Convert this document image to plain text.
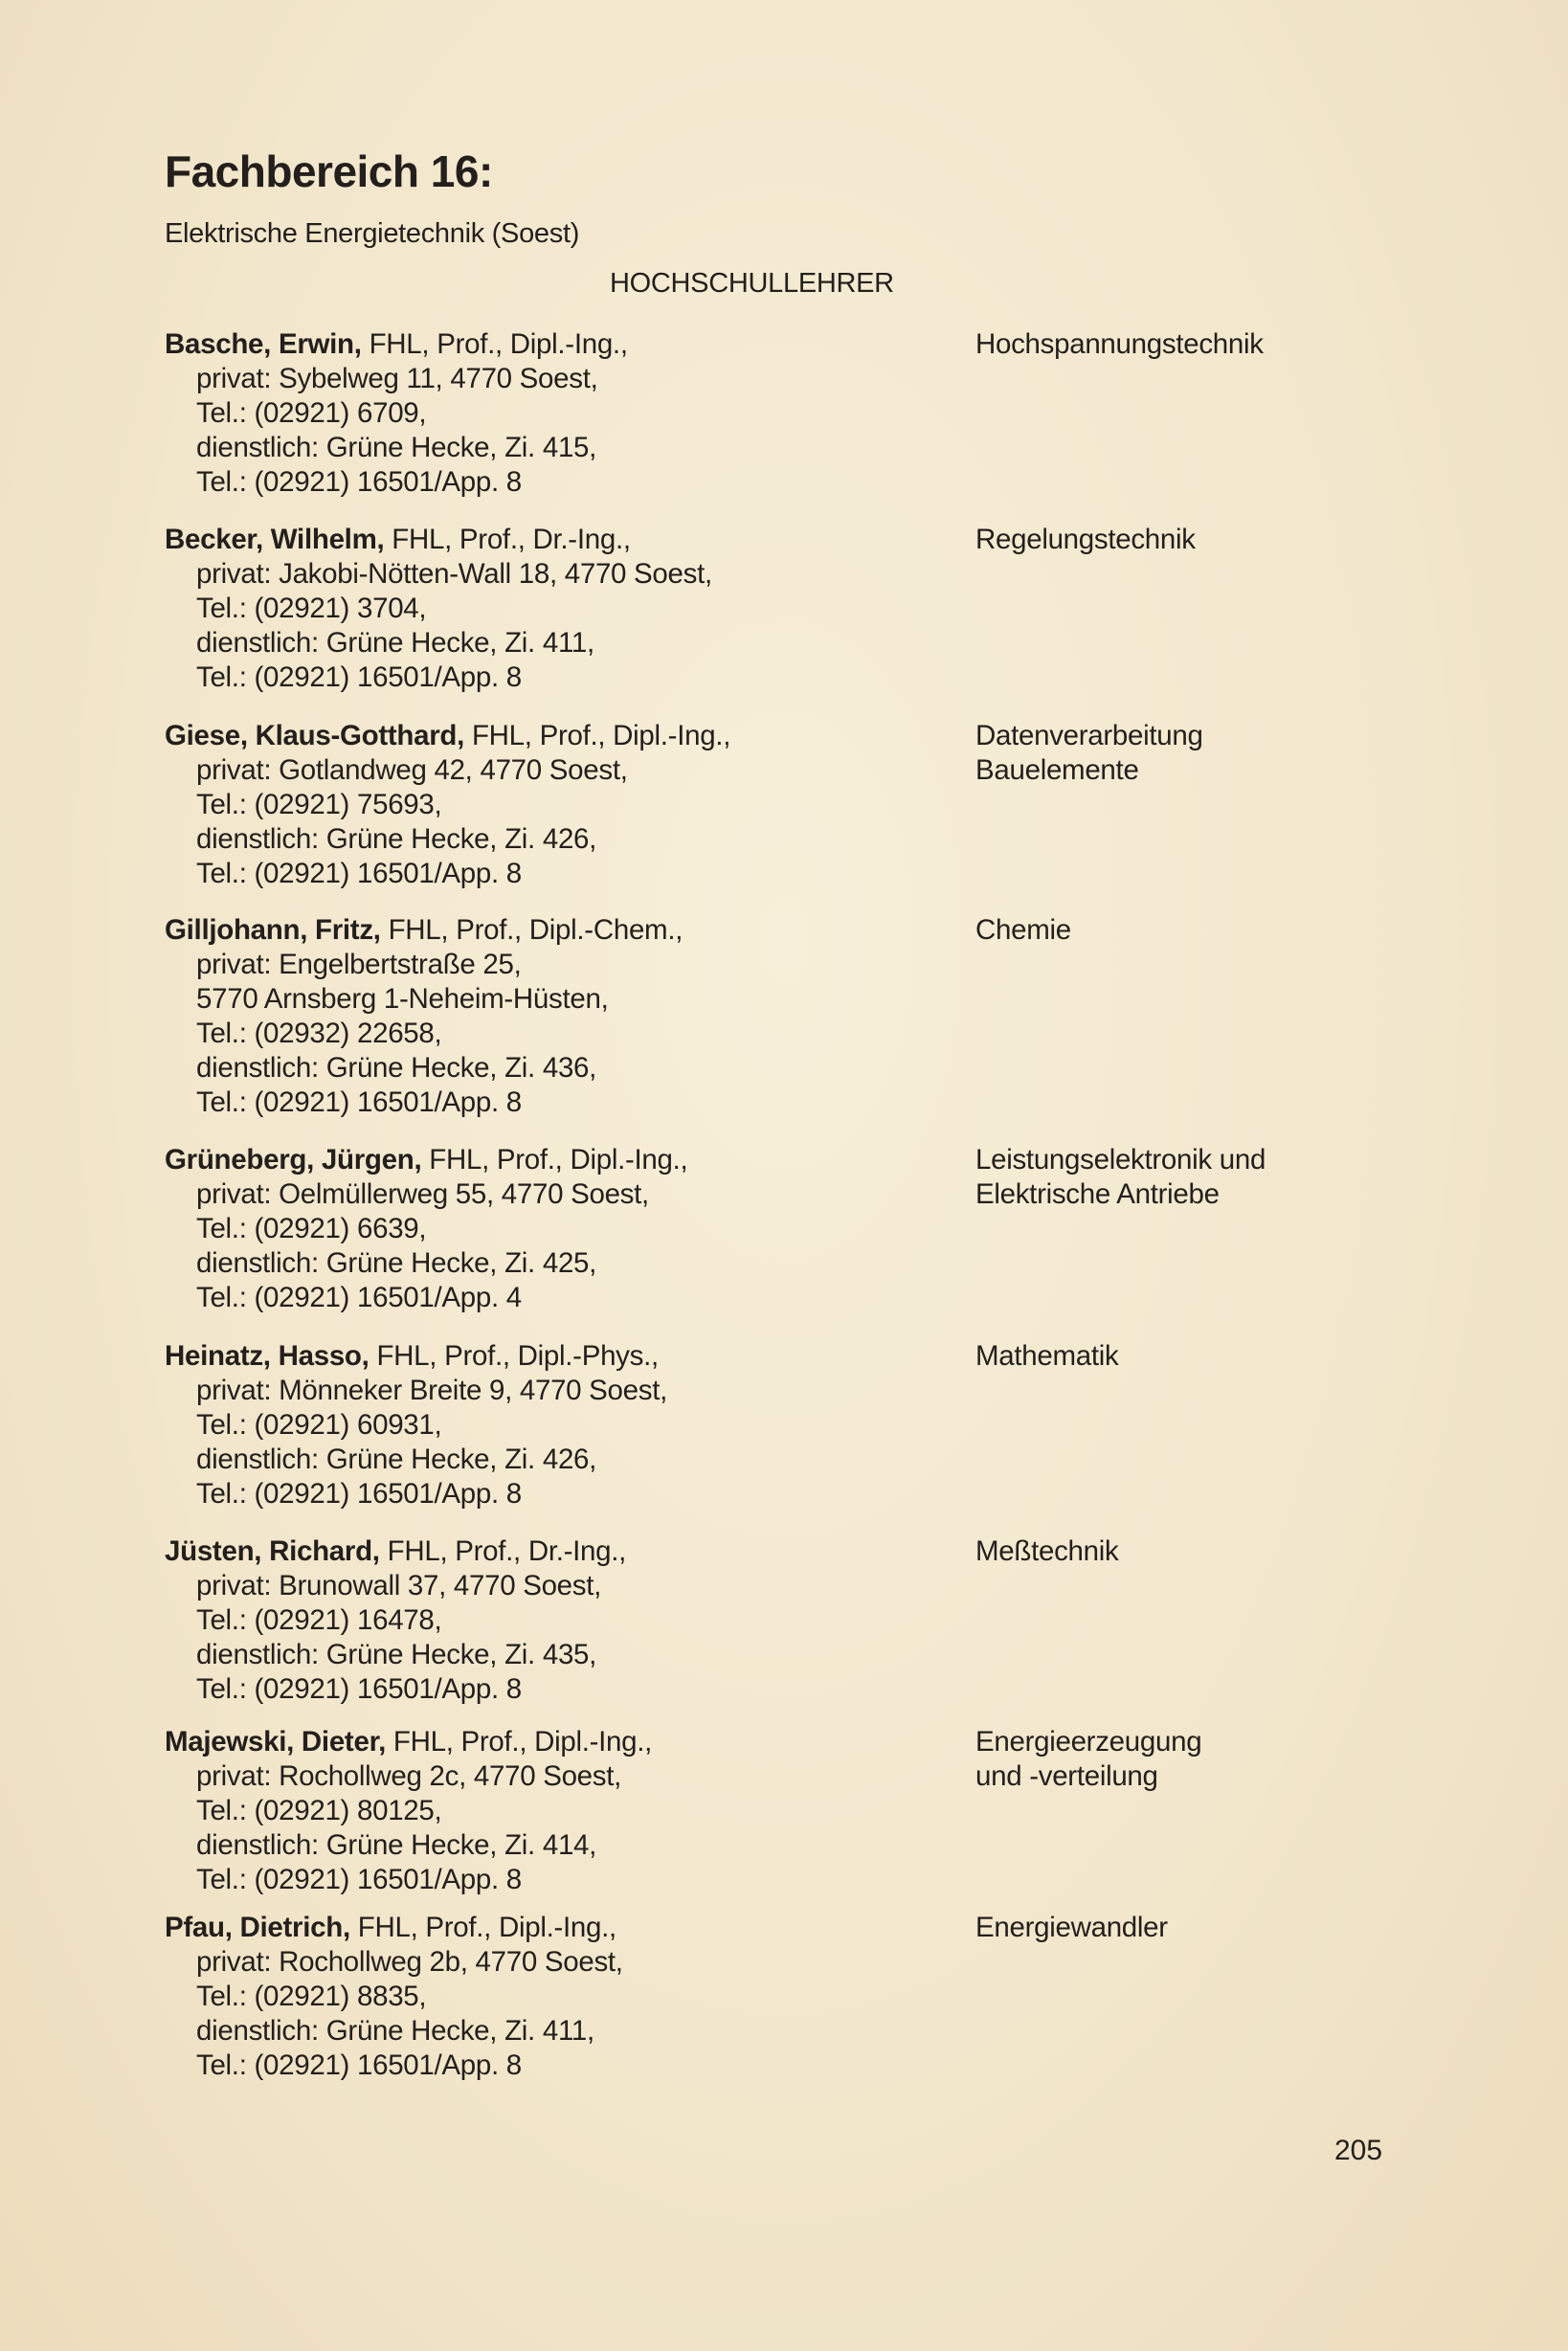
Fachbereich 16:
Elektrische Energietechnik (Soest)
HOCHSCHULLEHRER
Basche, Erwin, FHL, Prof., Dipl.-Ing.,
privat: Sybelweg 11, 4770 Soest,
Tel.: (02921) 6709,
dienstlich: Grüne Hecke, Zi. 415,
Tel.: (02921) 16501/App. 8
Hochspannungstechnik
Becker, Wilhelm, FHL, Prof., Dr.-Ing.,
privat: Jakobi-Nötten-Wall 18, 4770 Soest,
Tel.: (02921) 3704,
dienstlich: Grüne Hecke, Zi. 411,
Tel.: (02921) 16501/App. 8
Regelungstechnik
Giese, Klaus-Gotthard, FHL, Prof., Dipl.-Ing.,
privat: Gotlandweg 42, 4770 Soest,
Tel.: (02921) 75693,
dienstlich: Grüne Hecke, Zi. 426,
Tel.: (02921) 16501/App. 8
Datenverarbeitung
Bauelemente
Gilljohann, Fritz, FHL, Prof., Dipl.-Chem.,
privat: Engelbertstraße 25,
5770 Arnsberg 1-Neheim-Hüsten,
Tel.: (02932) 22658,
dienstlich: Grüne Hecke, Zi. 436,
Tel.: (02921) 16501/App. 8
Chemie
Grüneberg, Jürgen, FHL, Prof., Dipl.-Ing.,
privat: Oelmüllerweg 55, 4770 Soest,
Tel.: (02921) 6639,
dienstlich: Grüne Hecke, Zi. 425,
Tel.: (02921) 16501/App. 4
Leistungselektronik und
Elektrische Antriebe
Heinatz, Hasso, FHL, Prof., Dipl.-Phys.,
privat: Mönneker Breite 9, 4770 Soest,
Tel.: (02921) 60931,
dienstlich: Grüne Hecke, Zi. 426,
Tel.: (02921) 16501/App. 8
Mathematik
Jüsten, Richard, FHL, Prof., Dr.-Ing.,
privat: Brunowall 37, 4770 Soest,
Tel.: (02921) 16478,
dienstlich: Grüne Hecke, Zi. 435,
Tel.: (02921) 16501/App. 8
Meßtechnik
Majewski, Dieter, FHL, Prof., Dipl.-Ing.,
privat: Rochollweg 2c, 4770 Soest,
Tel.: (02921) 80125,
dienstlich: Grüne Hecke, Zi. 414,
Tel.: (02921) 16501/App. 8
Energieerzeugung
und -verteilung
Pfau, Dietrich, FHL, Prof., Dipl.-Ing.,
privat: Rochollweg 2b, 4770 Soest,
Tel.: (02921) 8835,
dienstlich: Grüne Hecke, Zi. 411,
Tel.: (02921) 16501/App. 8
Energiewandler
205
